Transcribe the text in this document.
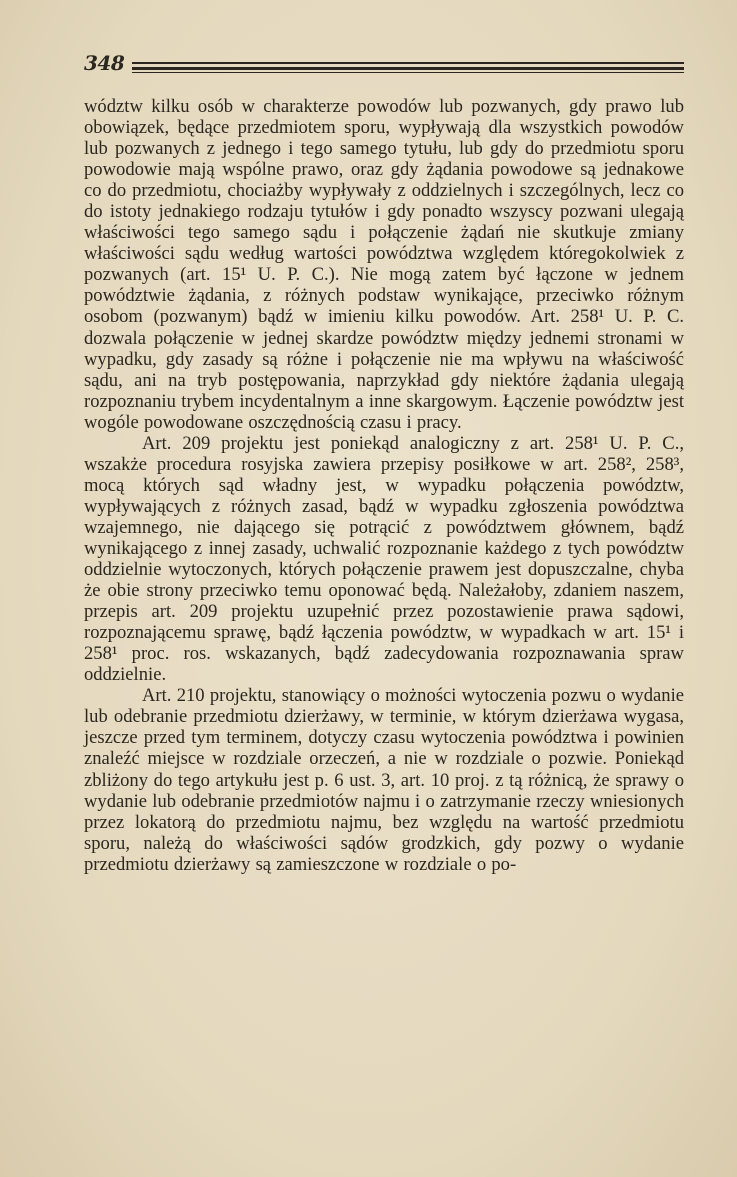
348

wództw kilku osób w charakterze powodów lub pozwanych, gdy prawo lub obowiązek, będące przedmiotem sporu, wypływają dla wszystkich powodów lub pozwanych z jednego i tego samego tytułu, lub gdy do przedmiotu sporu powodowie mają wspólne prawo, oraz gdy żądania powodowe są jednakowe co do przedmiotu, chociażby wypływały z oddzielnych i szczególnych, lecz co do istoty jednakiego rodzaju tytułów i gdy ponadto wszyscy pozwani ulegają właściwości tego samego sądu i połączenie żądań nie skutkuje zmiany właściwości sądu według wartości powództwa względem któregokolwiek z pozwanych (art. 15¹ U. P. C.). Nie mogą zatem być łączone w jednem powództwie żądania, z różnych podstaw wynikające, przeciwko różnym osobom (pozwanym) bądź w imieniu kilku powodów. Art. 258¹ U. P. C. dozwala połączenie w jednej skardze powództw między jednemi stronami w wypadku, gdy zasady są różne i połączenie nie ma wpływu na właściwość sądu, ani na tryb postępowania, naprzykład gdy niektóre żądania ulegają rozpoznaniu trybem incydentalnym a inne skargowym. Łączenie powództw jest wogóle powodowane oszczędnością czasu i pracy.

Art. 209 projektu jest poniekąd analogiczny z art. 258¹ U. P. C., wszakże procedura rosyjska zawiera przepisy posiłkowe w art. 258², 258³, mocą których sąd władny jest, w wypadku połączenia powództw, wypływających z różnych zasad, bądź w wypadku zgłoszenia powództwa wzajemnego, nie dającego się potrącić z powództwem głównem, bądź wynikającego z innej zasady, uchwalić rozpoznanie każdego z tych powództw oddzielnie wytoczonych, których połączenie prawem jest dopuszczalne, chyba że obie strony przeciwko temu oponować będą. Należałoby, zdaniem naszem, przepis art. 209 projektu uzupełnić przez pozostawienie prawa sądowi, rozpoznającemu sprawę, bądź łączenia powództw, w wypadkach w art. 15¹ i 258¹ proc. ros. wskazanych, bądź zadecydowania rozpoznawania spraw oddzielnie.

Art. 210 projektu, stanowiący o możności wytoczenia pozwu o wydanie lub odebranie przedmiotu dzierżawy, w terminie, w którym dzierżawa wygasa, jeszcze przed tym terminem, dotyczy czasu wytoczenia powództwa i powinien znaleźć miejsce w rozdziale orzeczeń, a nie w rozdziale o pozwie. Poniekąd zbliżony do tego artykułu jest p. 6 ust. 3, art. 10 proj. z tą różnicą, że sprawy o wydanie lub odebranie przedmiotów najmu i o zatrzymanie rzeczy wniesionych przez lokatorą do przedmiotu najmu, bez względu na wartość przedmiotu sporu, należą do właściwości sądów grodzkich, gdy pozwy o wydanie przedmiotu dzierżawy są zamieszczone w rozdziale o po-
